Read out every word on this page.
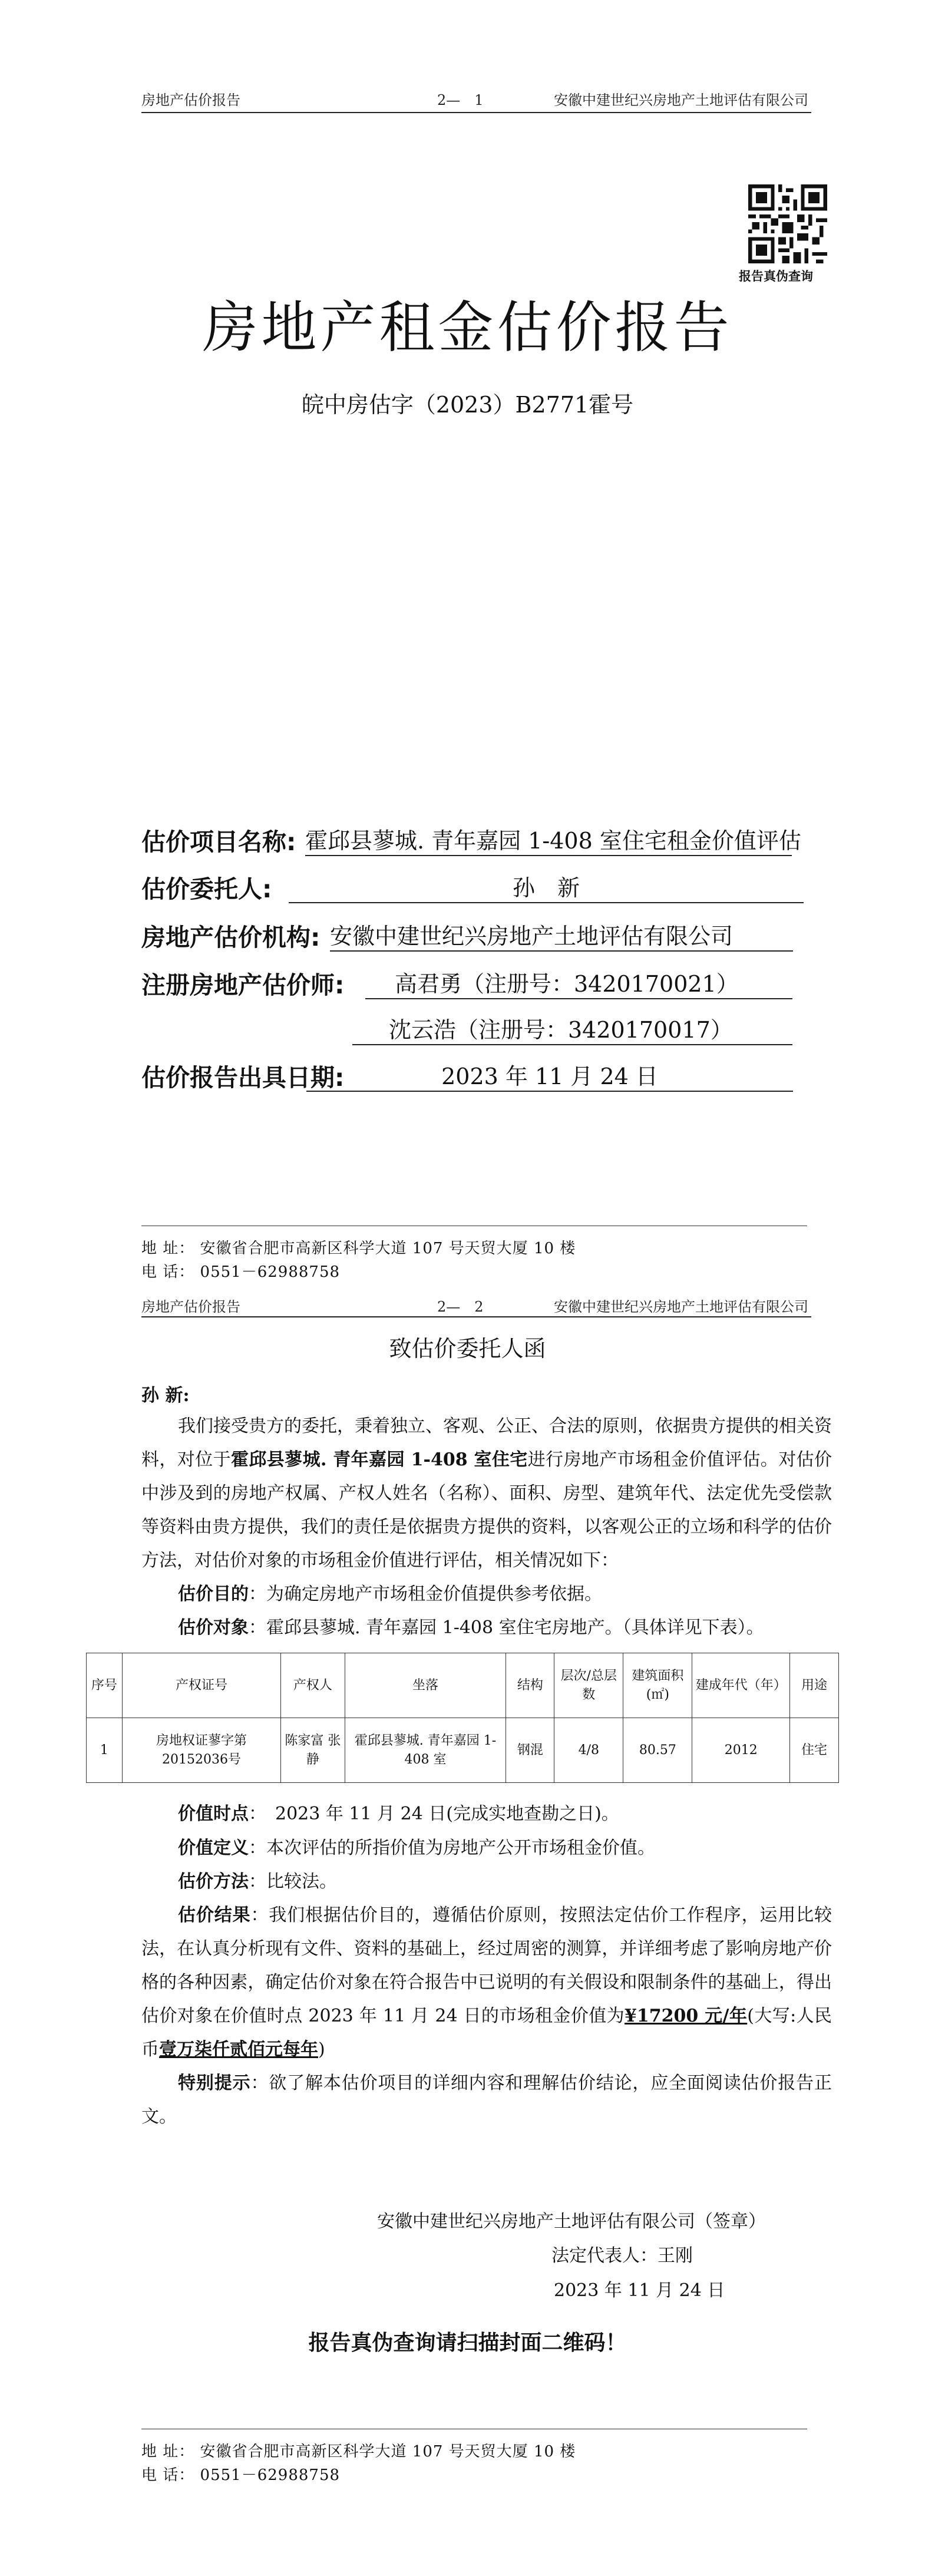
房地产估价报告	2—　1	安徽中建世纪兴房地产土地评估有限公司
报告真伪查询
房地产租金估价报告
皖中房估字（2023）B2771霍号
估价项目名称: 霍邱县蓼城. 青年嘉园 1-408 室住宅租金价值评估
估价委托人:	孙　新
房地产估价机构: 安徽中建世纪兴房地产土地评估有限公司
注册房地产估价师:	高君勇（注册号：3420170021）
沈云浩（注册号：3420170017）
估价报告出具日期:	2023 年 11 月 24 日
地 址： 安徽省合肥市高新区科学大道 107 号天贸大厦 10 楼
电 话： 0551－62988758
房地产估价报告	2—　2	安徽中建世纪兴房地产土地评估有限公司
致估价委托人函
孙 新:
我们接受贵方的委托，秉着独立、客观、公正、合法的原则，依据贵方提供的相关资料，对位于霍邱县蓼城. 青年嘉园 1-408 室住宅进行房地产市场租金价值评估。对估价中涉及到的房地产权属、产权人姓名（名称）、面积、房型、建筑年代、法定优先受偿款等资料由贵方提供，我们的责任是依据贵方提供的资料，以客观公正的立场和科学的估价方法，对估价对象的市场租金价值进行评估，相关情况如下：
估价目的：为确定房地产市场租金价值提供参考依据。
估价对象：霍邱县蓼城. 青年嘉园 1-408 室住宅房地产。（具体详见下表）。
序号	产权证号	产权人	坐落	结构	层次/总层数	建筑面积(㎡)	建成年代（年）	用途
1	房地权证蓼字第20152036号	陈家富 张静	霍邱县蓼城. 青年嘉园 1-408 室	钢混	4/8	80.57	2012	住宅
价值时点：　2023 年 11 月 24 日(完成实地查勘之日)。
价值定义：本次评估的所指价值为房地产公开市场租金价值。
估价方法：比较法。
估价结果：我们根据估价目的，遵循估价原则，按照法定估价工作程序，运用比较法，在认真分析现有文件、资料的基础上，经过周密的测算，并详细考虑了影响房地产价格的各种因素，确定估价对象在符合报告中已说明的有关假设和限制条件的基础上，得出估价对象在价值时点 2023 年 11 月 24 日的市场租金价值为¥17200 元/年(大写:人民币壹万柒仟贰佰元每年)
特别提示：欲了解本估价项目的详细内容和理解估价结论，应全面阅读估价报告正文。
安徽中建世纪兴房地产土地评估有限公司（签章）
法定代表人：王刚
2023 年 11 月 24 日
报告真伪查询请扫描封面二维码！
地 址： 安徽省合肥市高新区科学大道 107 号天贸大厦 10 楼
电 话： 0551－62988758
